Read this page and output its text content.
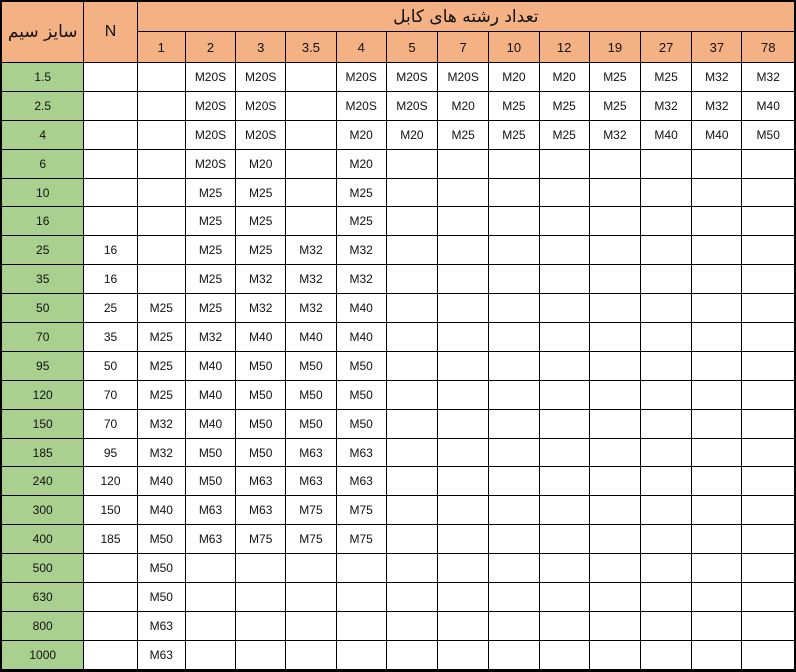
سایز سیم	N	تعداد رشته های کابل												
		1	2	3	3.5	4	5	7	10	12	19	27	37	78
1.5			M20S	M20S		M20S	M20S	M20S	M20	M20	M25	M25	M32	M32
2.5			M20S	M20S		M20S	M20S	M20	M25	M25	M25	M32	M32	M40
4			M20S	M20S		M20	M20	M25	M25	M25	M32	M40	M40	M50
6			M20S	M20		M20								
10			M25	M25		M25								
16			M25	M25		M25								
25	16		M25	M25	M32	M32								
35	16		M25	M32	M32	M32								
50	25	M25	M25	M32	M32	M40								
70	35	M25	M32	M40	M40	M40								
95	50	M25	M40	M50	M50	M50								
120	70	M25	M40	M50	M50	M50								
150	70	M32	M40	M50	M50	M50								
185	95	M32	M50	M50	M63	M63								
240	120	M40	M50	M63	M63	M63								
300	150	M40	M63	M63	M75	M75								
400	185	M50	M63	M75	M75	M75								
500		M50												
630		M50												
800		M63												
1000		M63												
